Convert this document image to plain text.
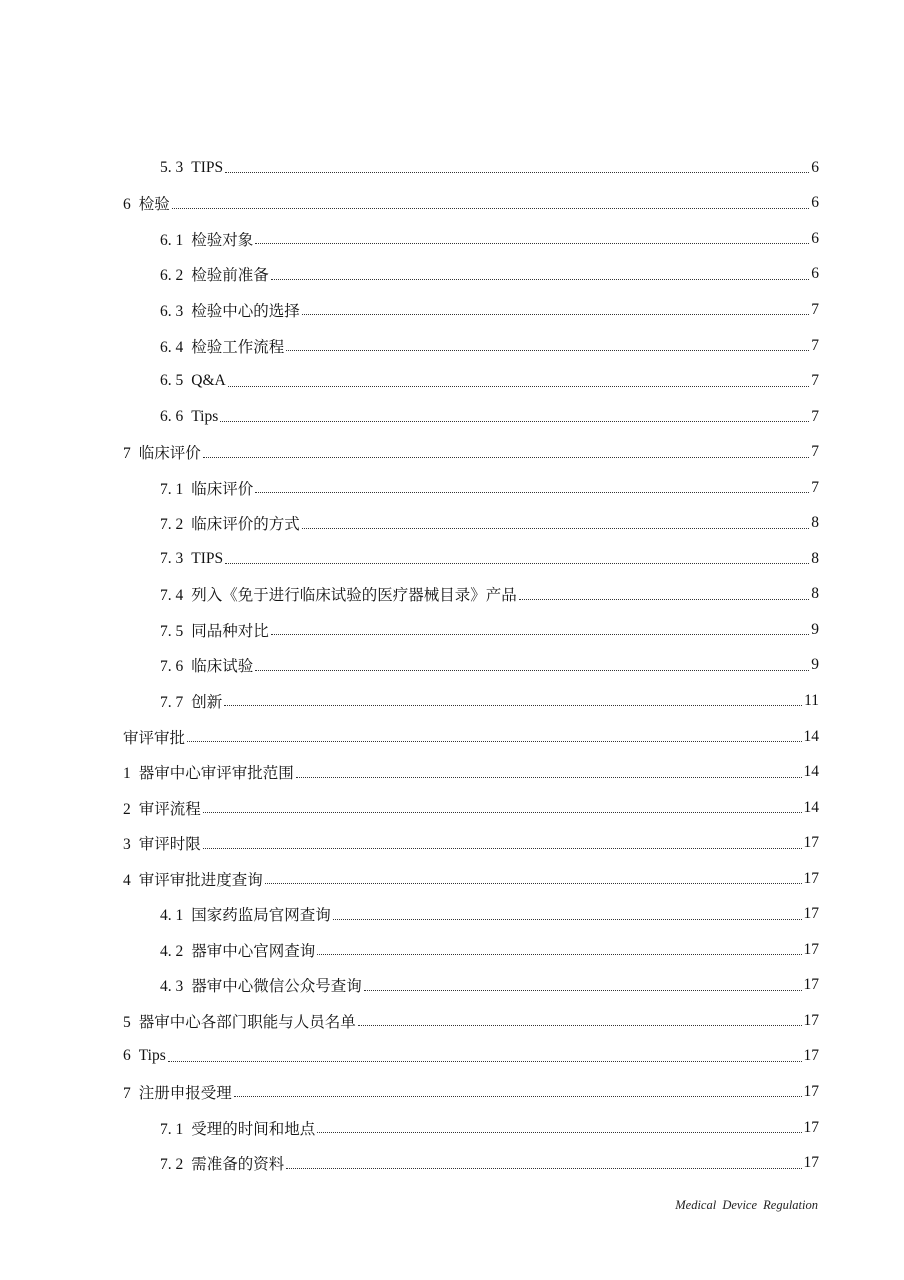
5. 3 TIPS	6
6 检验	6
6. 1 检验对象	6
6. 2 检验前准备	6
6. 3 检验中心的选择	7
6. 4 检验工作流程	7
6. 5 Q&A	7
6. 6 Tips	7
7 临床评价	7
7. 1 临床评价	7
7. 2 临床评价的方式	8
7. 3 TIPS	8
7. 4 列入《免于进行临床试验的医疗器械目录》产品	8
7. 5 同品种对比	9
7. 6 临床试验	9
7. 7 创新	11
审评审批	14
1 器审中心审评审批范围	14
2 审评流程	14
3 审评时限	17
4 审评审批进度查询	17
4. 1 国家药监局官网查询	17
4. 2 器审中心官网查询	17
4. 3 器审中心微信公众号查询	17
5 器审中心各部门职能与人员名单	17
6 Tips	17
7 注册申报受理	17
7. 1 受理的时间和地点	17
7. 2 需准备的资料	17
Medical Device Regulation
